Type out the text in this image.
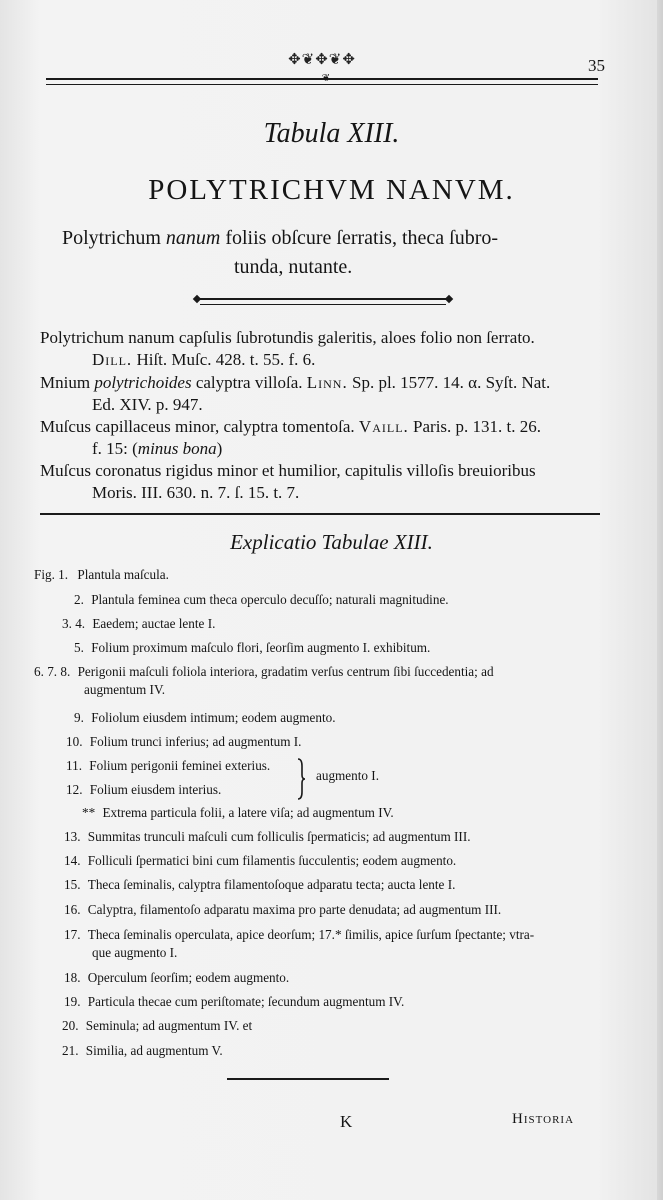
✥❦✥❦✥	35
❦
Tabula XIII.
POLYTRICHVM NANVM.
Polytrichum nanum foliis obſcure ſerratis, theca ſubro-
tunda, nutante.
Polytrichum nanum capſulis ſubrotundis galeritis, aloes folio non ſerrato.
Dill. Hiſt. Muſc. 428. t. 55. f. 6.
Mnium polytrichoides calyptra villoſa. Linn. Sp. pl. 1577. 14. α. Syſt. Nat.
Ed. XIV. p. 947.
Muſcus capillaceus minor, calyptra tomentoſa. Vaill. Paris. p. 131. t. 26.
f. 15: (minus bona)
Muſcus coronatus rigidus minor et humilior, capitulis villoſis breuioribus
Moris. III. 630. n. 7. ſ. 15. t. 7.
Explicatio Tabulae XIII.
Fig. 1. Plantula maſcula.
2. Plantula feminea cum theca operculo decuſſo; naturali magnitudine.
3. 4. Eaedem; auctae lente I.
5. Folium proximum maſculo flori, ſeorſim augmento I. exhibitum.
6. 7. 8. Perigonii maſculi foliola interiora, gradatim verſus centrum ſibi ſuccedentia; ad
augmentum IV.
9. Foliolum eiusdem intimum; eodem augmento.
10. Folium trunci inferius; ad augmentum I.
11. Folium perigonii feminei exterius.
12. Folium eiusdem interius.
augmento I.
** Extrema particula folii, a latere viſa; ad augmentum IV.
13. Summitas trunculi maſculi cum folliculis ſpermaticis; ad augmentum III.
14. Folliculi ſpermatici bini cum filamentis ſucculentis; eodem augmento.
15. Theca ſeminalis, calyptra filamentoſoque adparatu tecta; aucta lente I.
16. Calyptra, filamentoſo adparatu maxima pro parte denudata; ad augmentum III.
17. Theca ſeminalis operculata, apice deorſum; 17.* ſimilis, apice ſurſum ſpectante; vtra-
que augmento I.
18. Operculum ſeorſim; eodem augmento.
19. Particula thecae cum periſtomate; ſecundum augmentum IV.
20. Seminula; ad augmentum IV. et
21. Similia, ad augmentum V.
K	Historia
